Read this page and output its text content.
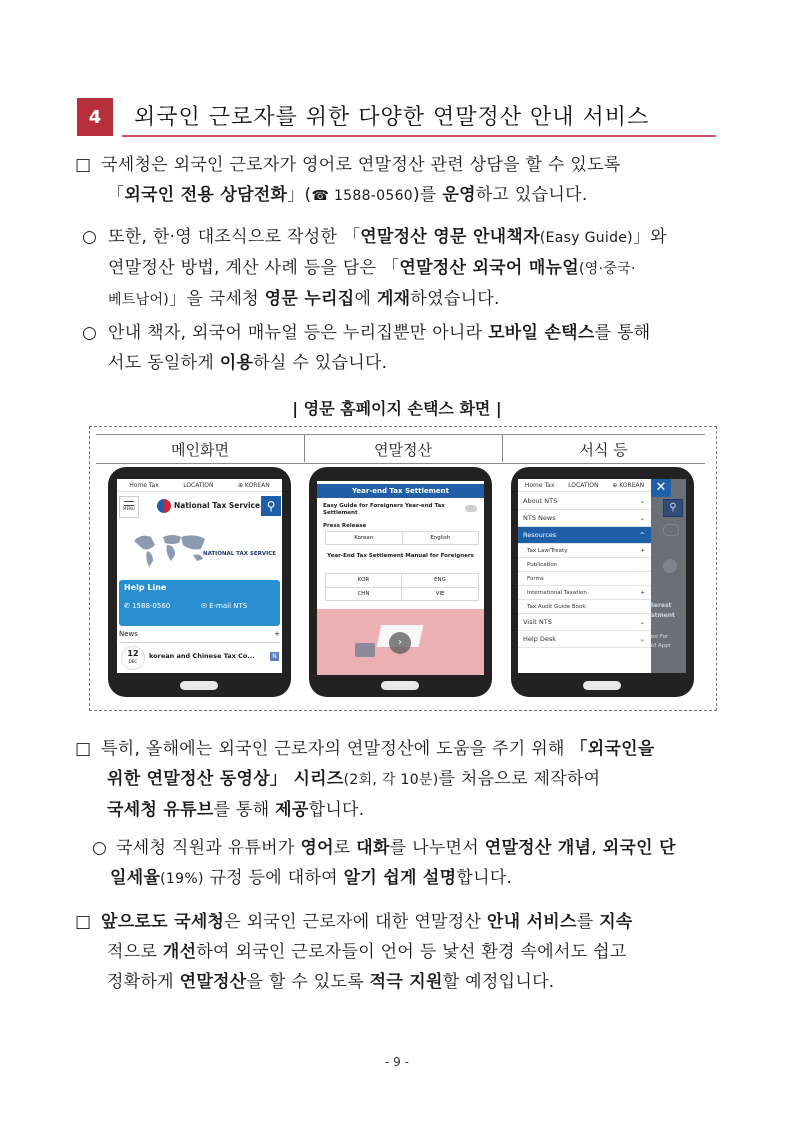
4	외국인 근로자를 위한 다양한 연말정산 안내 서비스
□ 국세청은 외국인 근로자가 영어로 연말정산 관련 상담을 할 수 있도록
「외국인 전용 상담전화」(☎ 1588-0560)를 운영하고 있습니다.
○ 또한, 한·영 대조식으로 작성한 「연말정산 영문 안내책자(Easy Guide)」와
연말정산 방법, 계산 사례 등을 담은 「연말정산 외국어 매뉴얼(영·중국·
베트남어)」을 국세청 영문 누리집에 게재하였습니다.
○ 안내 책자, 외국어 매뉴얼 등은 누리집뿐만 아니라 모바일 손택스를 통해
서도 동일하게 이용하실 수 있습니다.
| 영문 홈페이지 손택스 화면 |
메인화면	연말정산	서식 등
Home Tax	LOCATION	⊕ KOREAN
MENU	National Tax Service ⚲
NATIONAL TAX SERVICE
Help Line
✆ 1588-0560	✉ E-mail NTS
News	+
12
DEC
korean and Chinese Tax Co...	N
Year-end Tax Settlement
Easy Guide for Foreigners Year-end Tax Settlement
Press Release
Korean	English
Year-End Tax Settlement Manual for Foreigners
KOR	ENG
CHN	VIE
›
⚲
terest
stment
ed For
of Appr
Home Tax LOCATION ⊕ KOREAN
About NTS	⌄
NTS News	⌄
Resources	^
Tax Law/Treaty	+
Publication
Forms
International Taxation	+
Tax Audit Guide Book
Visit NTS	⌄
Help Desk	⌄
✕
□ 특히, 올해에는 외국인 근로자의 연말정산에 도움을 주기 위해 「외국인을
위한 연말정산 동영상」 시리즈(2회, 각 10분)를 처음으로 제작하여
국세청 유튜브를 통해 제공합니다.
○ 국세청 직원과 유튜버가 영어로 대화를 나누면서 연말정산 개념, 외국인 단
일세율(19%) 규정 등에 대하여 알기 쉽게 설명합니다.
□ 앞으로도 국세청은 외국인 근로자에 대한 연말정산 안내 서비스를 지속
적으로 개선하여 외국인 근로자들이 언어 등 낯선 환경 속에서도 쉽고
정확하게 연말정산을 할 수 있도록 적극 지원할 예정입니다.
- 9 -
